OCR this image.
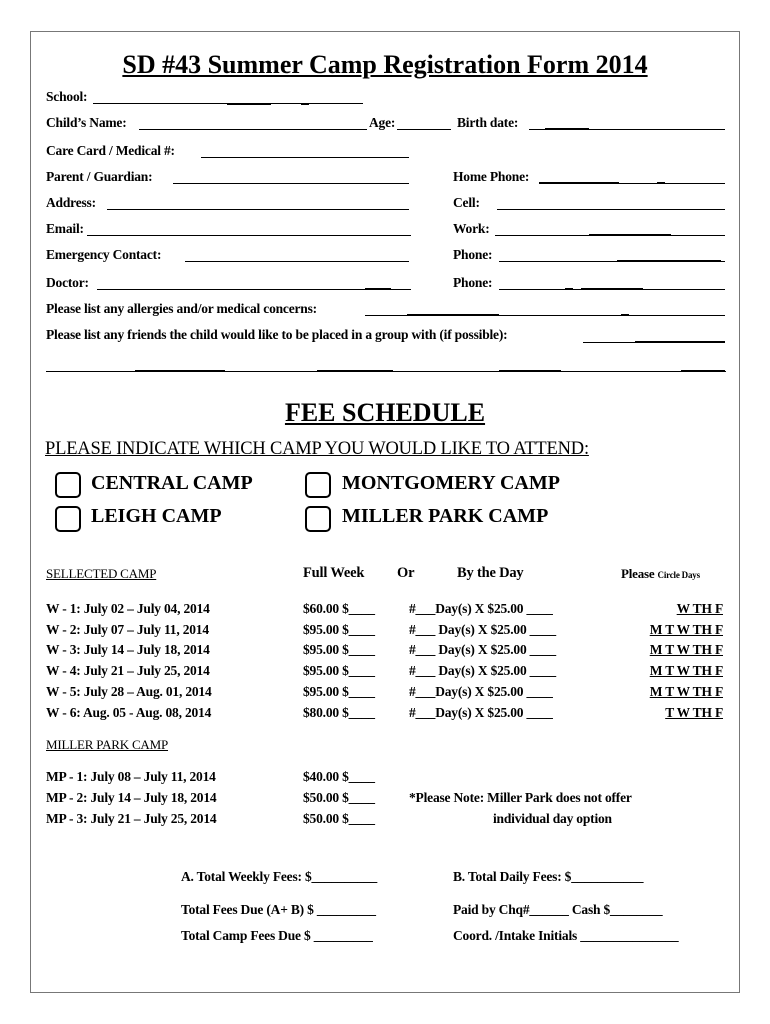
SD #43 Summer Camp Registration Form 2014
School:
Child’s Name:	Age:	Birth date:
Care Card / Medical #:
Parent / Guardian:	Home Phone:
Address:	Cell:
Email:	Work:
Emergency Contact:	Phone:
Doctor:	Phone:
Please list any allergies and/or medical concerns:
Please list any friends the child would like to be placed in a group with (if possible):
FEE SCHEDULE
PLEASE INDICATE WHICH CAMP YOU WOULD LIKE TO ATTEND:
CENTRAL CAMP	MONTGOMERY CAMP
LEIGH CAMP	MILLER PARK CAMP
SELLECTED CAMP	Full Week Or	By the Day	Please Circle Days
W - 1: July 02 – July 04, 2014	$60.00 $____	#___Day(s) X $25.00 ____	W TH F
W - 2: July 07 – July 11, 2014	$95.00 $____	#___ Day(s) X $25.00 ____	M T W TH F
W - 3: July 14 – July 18, 2014	$95.00 $____	#___ Day(s) X $25.00 ____	M T W TH F
W - 4: July 21 – July 25, 2014	$95.00 $____	#___ Day(s) X $25.00 ____	M T W TH F
W - 5: July 28 – Aug. 01, 2014	$95.00 $____	#___Day(s) X $25.00 ____	M T W TH F
W - 6: Aug. 05 - Aug. 08, 2014	$80.00 $____	#___Day(s) X $25.00 ____	T W TH F
MILLER PARK CAMP
MP - 1: July 08 – July 11, 2014	$40.00 $____
MP - 2: July 14 – July 18, 2014	$50.00 $____
MP - 3: July 21 – July 25, 2014	$50.00 $____
*Please Note: Miller Park does not offer
individual day option
A. Total Weekly Fees: $__________	B. Total Daily Fees: $___________
Total Fees Due (A+ B) $ _________	Paid by Chq#______ Cash $________
Total Camp Fees Due $ _________	Coord. /Intake Initials _______________
